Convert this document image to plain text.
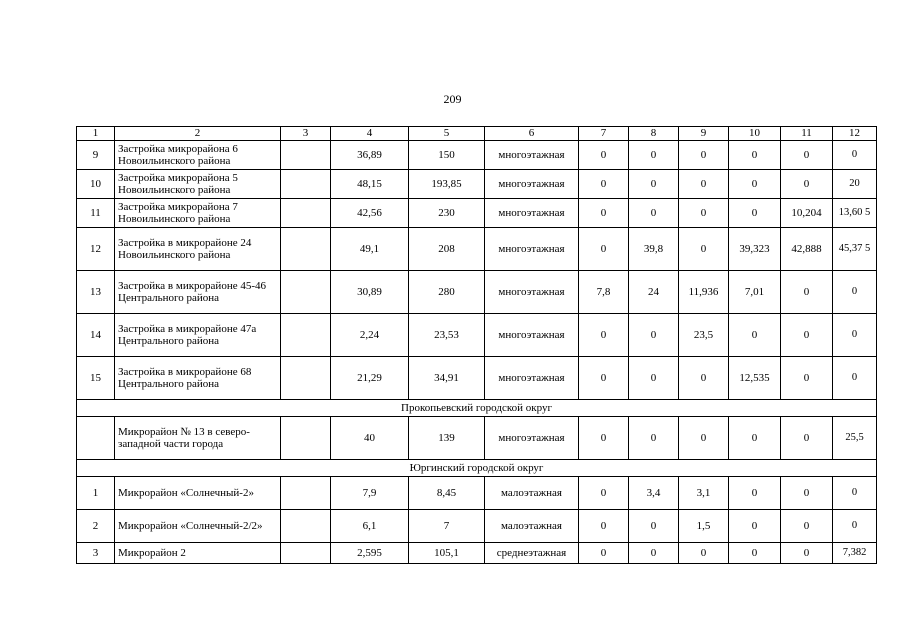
209
1	2	3	4	5	6	7	8	9	10	11	12
9	Застройка микрорайона 6 Новоильинского района		36,89	150	многоэтажная	0	0	0	0	0	0
10	Застройка микрорайона 5 Новоильинского района		48,15	193,85	многоэтажная	0	0	0	0	0	20
11	Застройка микрорайона 7 Новоильинского района		42,56	230	многоэтажная	0	0	0	0	10,204	13,60 5
12	Застройка в микрорайоне 24 Новоильинского района		49,1	208	многоэтажная	0	39,8	0	39,323	42,888	45,37 5
13	Застройка в микрорайоне 45-46 Центрального района		30,89	280	многоэтажная	7,8	24	11,936	7,01	0	0
14	Застройка в микрорайоне 47а Центрального района		2,24	23,53	многоэтажная	0	0	23,5	0	0	0
15	Застройка в микрорайоне 68 Центрального района		21,29	34,91	многоэтажная	0	0	0	12,535	0	0
Прокопьевский городской округ											
	Микрорайон № 13 в северо-западной части города		40	139	многоэтажная	0	0	0	0	0	25,5
Юргинский городской округ											
1	Микрорайон «Солнечный-2»		7,9	8,45	малоэтажная	0	3,4	3,1	0	0	0
2	Микрорайон «Солнечный-2/2»		6,1	7	малоэтажная	0	0	1,5	0	0	0
3	Микрорайон 2		2,595	105,1	среднеэтажная	0	0	0	0	0	7,382
